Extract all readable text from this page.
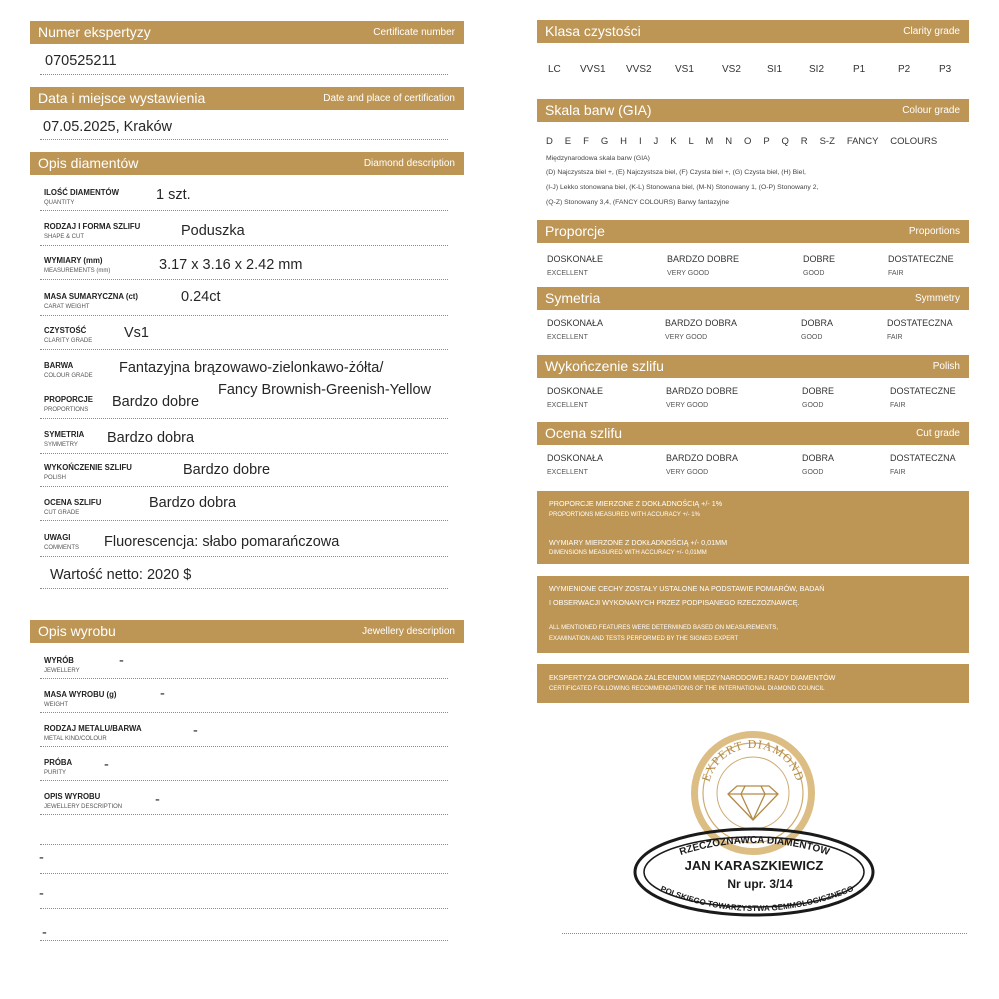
Numer ekspertyzy	Certificate number
070525211
Data i miejsce wystawienia	Date and place of certification
07.05.2025, Kraków
Opis diamentów	Diamond description
ILOŚĆ DIAMENTÓW
QUANTITY	1 szt.
RODZAJ I FORMA SZLIFU
SHAPE & CUT	Poduszka
WYMIARY (mm)
MEASUREMENTS (mm)	3.17 x 3.16 x 2.42 mm
MASA SUMARYCZNA (ct)
CARAT WEIGHT
0.24ct
CZYSTOŚĆ
CLARITY GRADE Vs1
BARWA
COLOUR GRADE Fantazyjna brązowawo-zielonkawo-żółta/
Fancy Brownish-Greenish-Yellow
PROPORCJE
PROPORTIONS Bardzo dobre
SYMETRIA
SYMMETRY Bardzo dobra
WYKOŃCZENIE SZLIFU
POLISH	Bardzo dobre
OCENA SZLIFU
CUT GRADE
Bardzo dobra
UWAGI
COMMENTS Fluorescencja: słabo pomarańczowa
Wartość netto: 2020 $
Opis wyrobu	Jewellery description
WYRÓB
JEWELLERY
-
MASA WYROBU (g)
WEIGHT
-
RODZAJ METALU/BARWA
METAL KIND/COLOUR	-
PRÓBA
PURITY	-
OPIS WYROBU
JEWELLERY DESCRIPTION -
-
-
-
Klasa czystości	Clarity grade
LC VVS1 VVS2 VS1	VS2	SI1	SI2	P1	P2	P3
Skala barw (GIA)	Colour grade
D E F G H I J K L M N O P Q R S-Z FANCY COLOURS
Międzynarodowa skala barw (GIA)
(D) Najczystsza biel +, (E) Najczystsza biel, (F) Czysta biel +, (G) Czysta biel, (H) Biel,
(I-J) Lekko stonowana biel, (K-L) Stonowana biel, (M-N) Stonowany 1, (O-P) Stonowany 2,
(Q-Z) Stonowany 3,4, (FANCY COLOURS) Barwy fantazyjne
Proporcje	Proportions
DOSKONAŁE	BARDZO DOBRE	DOBRE	DOSTATECZNE
EXCELLENT	VERY GOOD	GOOD	FAIR
Symetria	Symmetry
DOSKONAŁA	BARDZO DOBRA	DOBRA	DOSTATECZNA
EXCELLENT	VERY GOOD	GOOD	FAIR
Wykończenie szlifu	Polish
DOSKONAŁE	BARDZO DOBRE	DOBRE	DOSTATECZNE
EXCELLENT	VERY GOOD	GOOD	FAIR
Ocena szlifu	Cut grade
DOSKONAŁA	BARDZO DOBRA	DOBRA	DOSTATECZNA
EXCELLENT	VERY GOOD	GOOD	FAIR
PROPORCJE MIERZONE Z DOKŁADNOŚCIĄ +/- 1%
PROPORTIONS MEASURED WITH ACCURACY +/- 1%
WYMIARY MIERZONE Z DOKŁADNOŚCIĄ +/- 0,01MM
DIMENSIONS MEASURED WITH ACCURACY +/- 0,01MM
WYMIENIONE CECHY ZOSTAŁY USTALONE NA PODSTAWIE POMIARÓW, BADAŃ
I OBSERWACJI WYKONANYCH PRZEZ PODPISANEGO RZECZOZNAWCĘ.
ALL MENTIONED FEATURES WERE DETERMINED BASED ON MEASUREMENTS,
EXAMINATION AND TESTS PERFORMED BY THE SIGNED EXPERT
EKSPERTYZA ODPOWIADA ZALECENIOM MIĘDZYNARODOWEJ RADY DIAMENTÓW
CERTIFICATED FOLLOWING RECOMMENDATIONS OF THE INTERNATIONAL DIAMOND COUNCIL
EXPERT DIAMOND
RZECZOZNAWCA DIAMENTÓW
JAN KARASZKIEWICZ
Nr upr. 3/14
POLSKIEGO TOWARZYSTWA GEMMOLOGICZNEGO
